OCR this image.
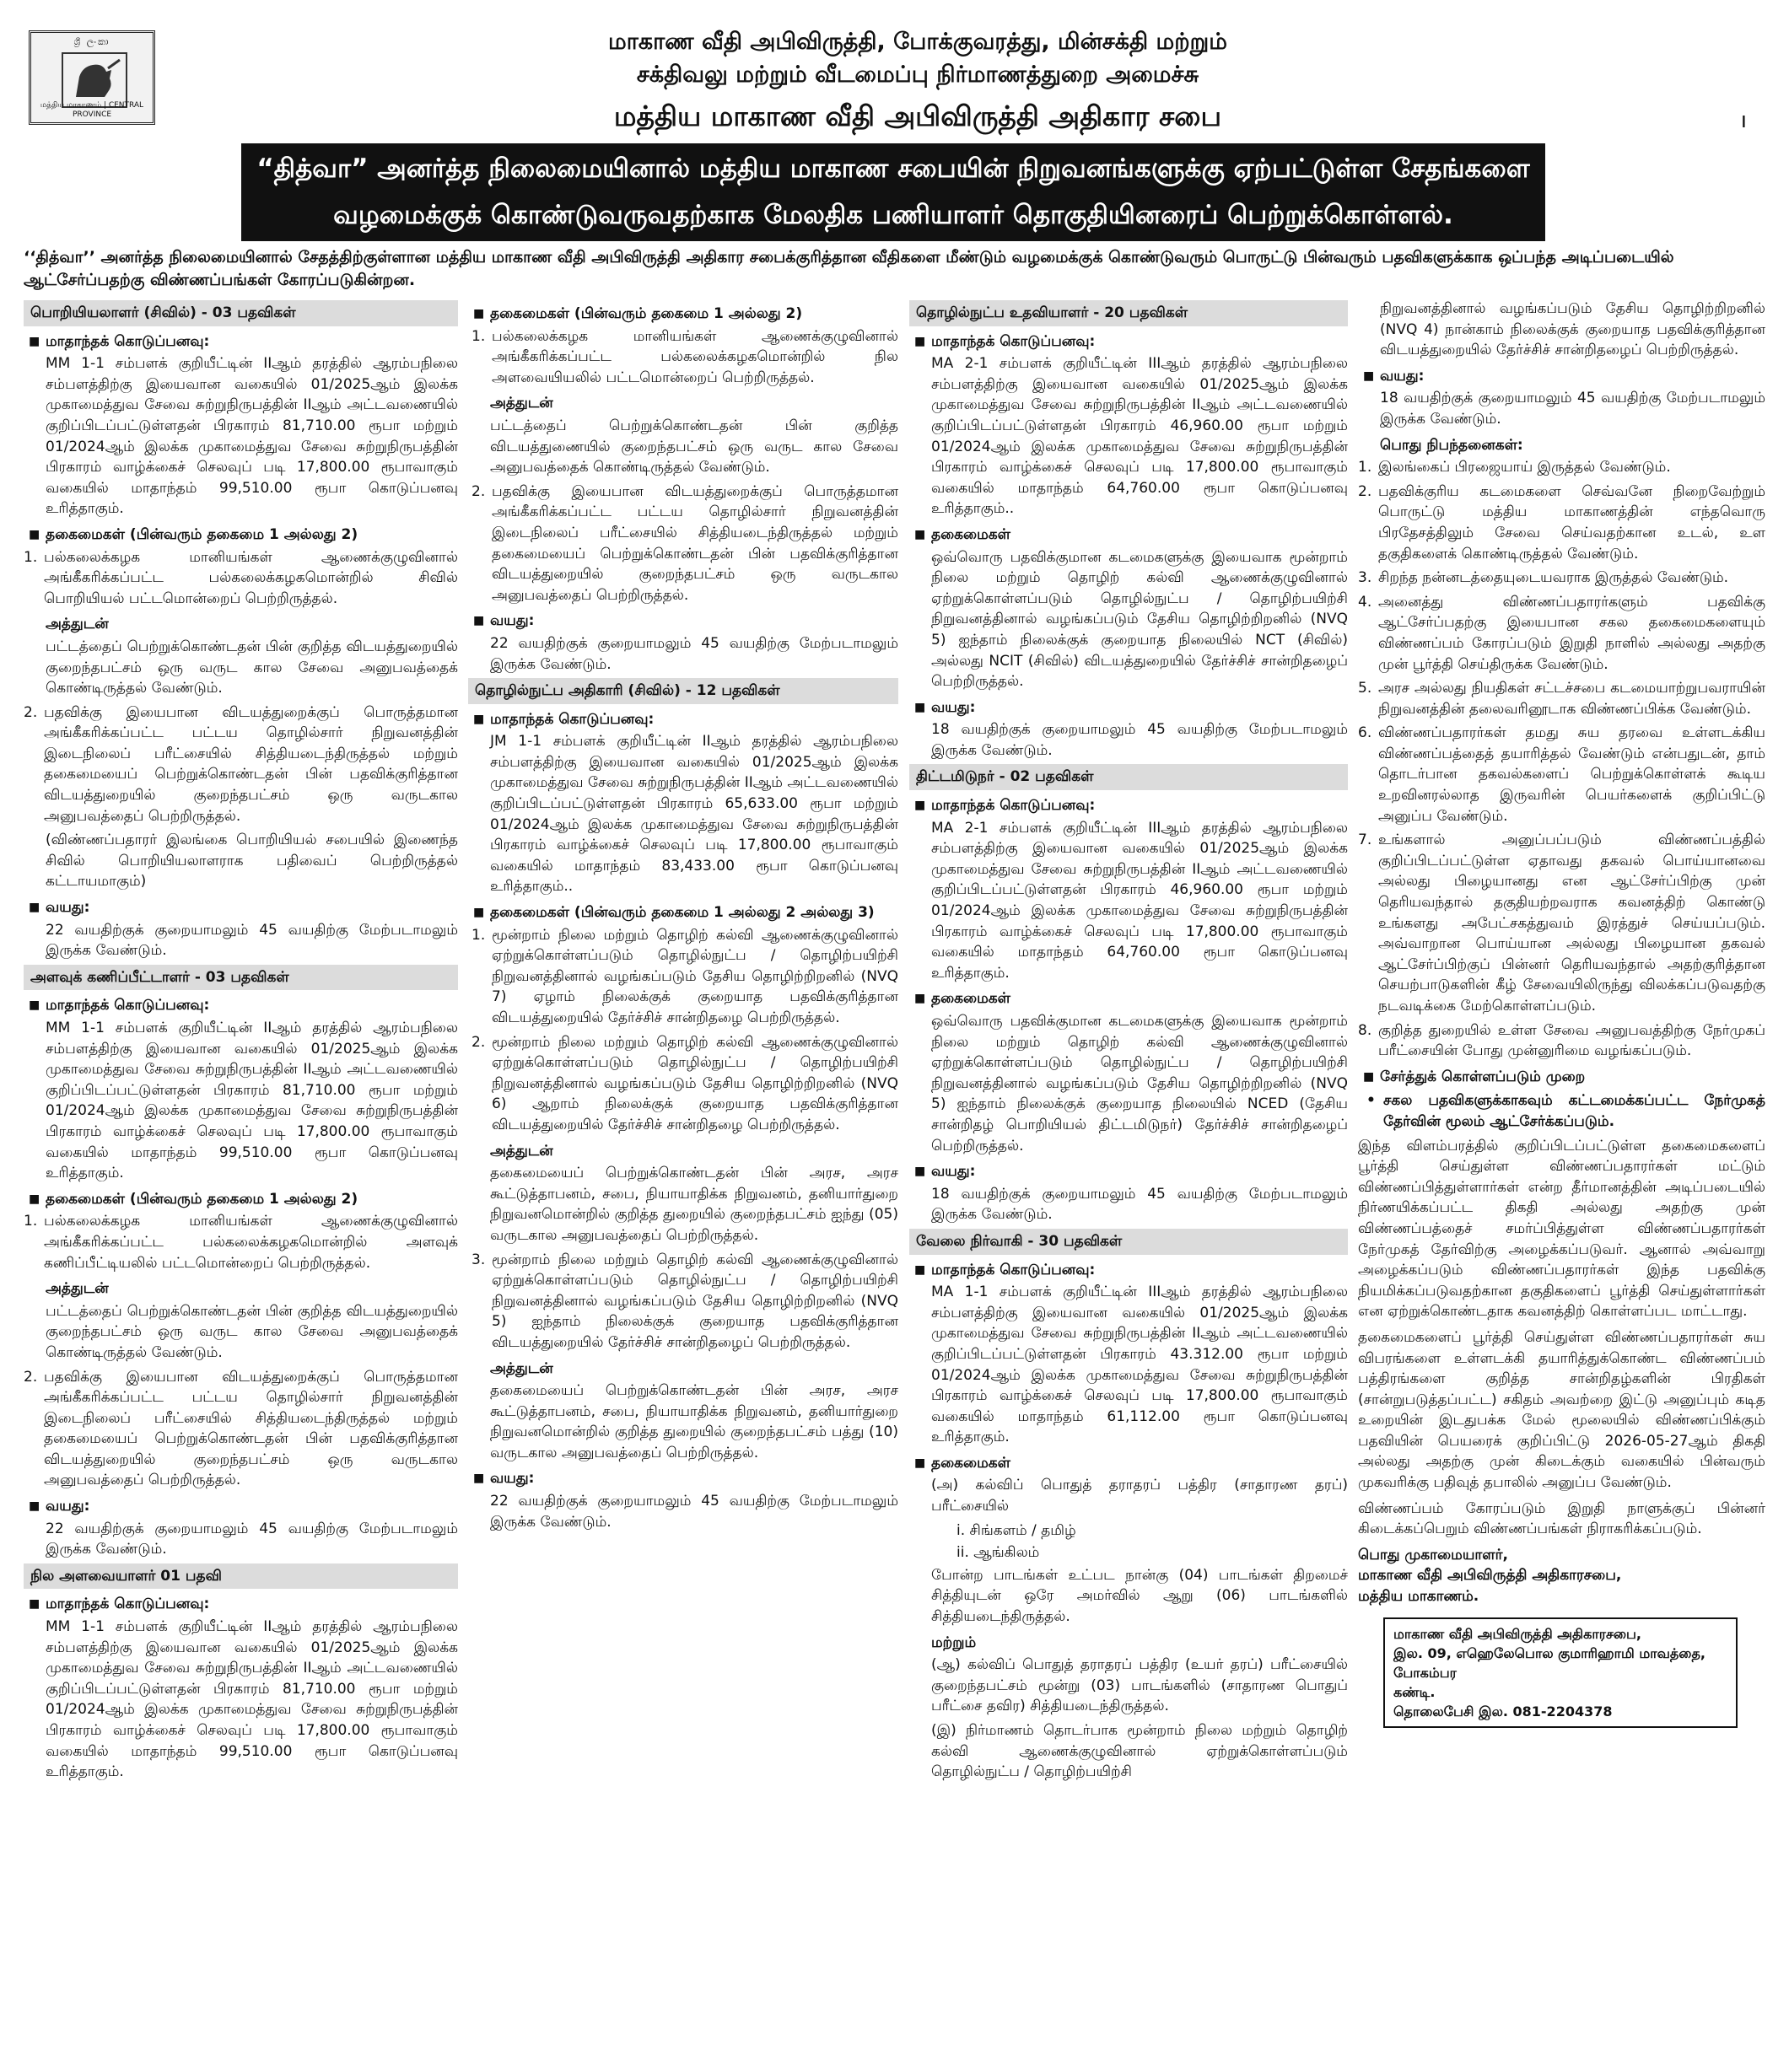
ශ්‍රී ලංකා
மத்திய மாகாணம் | CENTRAL PROVINCE
மாகாண வீதி அபிவிருத்தி, போக்குவரத்து, மின்சக்தி மற்றும்
சக்திவலு மற்றும் வீடமைப்பு நிர்மாணத்துறை அமைச்சு
மத்திய மாகாண வீதி அபிவிருத்தி அதிகார சபை	ı
“தித்வா” அனர்த்த நிலைமையினால் மத்திய மாகாண சபையின் நிறுவனங்களுக்கு ஏற்பட்டுள்ள சேதங்களை
வழமைக்குக் கொண்டுவருவதற்காக மேலதிக பணியாளர் தொகுதியினரைப் பெற்றுக்கொள்ளல்.
‘‘தித்வா’’ அனர்த்த நிலைமையினால் சேதத்திற்குள்ளான மத்திய மாகாண வீதி அபிவிருத்தி அதிகார சபைக்குரித்தான வீதிகளை மீண்டும் வழமைக்குக் கொண்டுவரும் பொருட்டு பின்வரும் பதவிகளுக்காக ஒப்பந்த அடிப்படையில் ஆட்சேர்ப்பதற்கு விண்ணப்பங்கள் கோரப்படுகின்றன.
பொறியியலாளர் (சிவில்) - 03 பதவிகள்
■ மாதாந்தக் கொடுப்பனவு:
MM 1-1 சம்பளக் குறியீட்டின் IIஆம் தரத்தில் ஆரம்பநிலை சம்பளத்திற்கு இயைவான வகையில் 01/2025ஆம் இலக்க முகாமைத்துவ சேவை சுற்றுநிருபத்தின் IIஆம் அட்டவணையில் குறிப்பிடப்பட்டுள்ளதன் பிரகாரம் 81,710.00 ரூபா மற்றும் 01/2024ஆம் இலக்க முகாமைத்துவ சேவை சுற்றுநிருபத்தின் பிரகாரம் வாழ்க்கைச் செலவுப் படி 17,800.00 ரூபாவாகும் வகையில் மாதாந்தம் 99,510.00 ரூபா கொடுப்பனவு உரித்தாகும்.
■ தகைமைகள் (பின்வரும் தகைமை 1 அல்லது 2)
1. பல்கலைக்கழக மானியங்கள் ஆணைக்குழுவினால் அங்கீகரிக்கப்பட்ட பல்கலைக்கழகமொன்றில் சிவில் பொறியியல் பட்டமொன்றைப் பெற்றிருத்தல்.
அத்துடன்
பட்டத்தைப் பெற்றுக்கொண்டதன் பின் குறித்த விடயத்துறையில் குறைந்தபட்சம் ஒரு வருட கால சேவை அனுபவத்தைக் கொண்டிருத்தல் வேண்டும்.
2. பதவிக்கு இயைபான விடயத்துறைக்குப் பொருத்தமான அங்கீகரிக்கப்பட்ட பட்டய தொழில்சார் நிறுவனத்தின் இடைநிலைப் பரீட்சையில் சித்தியடைந்திருத்தல் மற்றும் தகைமையைப் பெற்றுக்கொண்டதன் பின் பதவிக்குரித்தான விடயத்துறையில் குறைந்தபட்சம் ஒரு வருடகால அனுபவத்தைப் பெற்றிருத்தல்.
(விண்ணப்பதாரர் இலங்கை பொறியியல் சபையில் இணைந்த சிவில் பொறியியலாளராக பதிவைப் பெற்றிருத்தல் கட்டாயமாகும்)
■ வயது:
22 வயதிற்குக் குறையாமலும் 45 வயதிற்கு மேற்படாமலும் இருக்க வேண்டும்.
அளவுக் கணிப்பீட்டாளர் - 03 பதவிகள்
■ மாதாந்தக் கொடுப்பனவு:
MM 1-1 சம்பளக் குறியீட்டின் IIஆம் தரத்தில் ஆரம்பநிலை சம்பளத்திற்கு இயைவான வகையில் 01/2025ஆம் இலக்க முகாமைத்துவ சேவை சுற்றுநிருபத்தின் IIஆம் அட்டவணையில் குறிப்பிடப்பட்டுள்ளதன் பிரகாரம் 81,710.00 ரூபா மற்றும் 01/2024ஆம் இலக்க முகாமைத்துவ சேவை சுற்றுநிருபத்தின் பிரகாரம் வாழ்க்கைச் செலவுப் படி 17,800.00 ரூபாவாகும் வகையில் மாதாந்தம் 99,510.00 ரூபா கொடுப்பனவு உரித்தாகும்.
■ தகைமைகள் (பின்வரும் தகைமை 1 அல்லது 2)
1. பல்கலைக்கழக மானியங்கள் ஆணைக்குழுவினால் அங்கீகரிக்கப்பட்ட பல்கலைக்கழகமொன்றில் அளவுக் கணிப்பீட்டியலில் பட்டமொன்றைப் பெற்றிருத்தல்.
அத்துடன்
பட்டத்தைப் பெற்றுக்கொண்டதன் பின் குறித்த விடயத்துறையில் குறைந்தபட்சம் ஒரு வருட கால சேவை அனுபவத்தைக் கொண்டிருத்தல் வேண்டும்.
2. பதவிக்கு இயைபான விடயத்துறைக்குப் பொருத்தமான அங்கீகரிக்கப்பட்ட பட்டய தொழில்சார் நிறுவனத்தின் இடைநிலைப் பரீட்சையில் சித்தியடைந்திருத்தல் மற்றும் தகைமையைப் பெற்றுக்கொண்டதன் பின் பதவிக்குரித்தான விடயத்துறையில் குறைந்தபட்சம் ஒரு வருடகால அனுபவத்தைப் பெற்றிருத்தல்.
■ வயது:
22 வயதிற்குக் குறையாமலும் 45 வயதிற்கு மேற்படாமலும் இருக்க வேண்டும்.
நில அளவையாளர் 01 பதவி
■ மாதாந்தக் கொடுப்பனவு:
MM 1-1 சம்பளக் குறியீட்டின் IIஆம் தரத்தில் ஆரம்பநிலை சம்பளத்திற்கு இயைவான வகையில் 01/2025ஆம் இலக்க முகாமைத்துவ சேவை சுற்றுநிருபத்தின் IIஆம் அட்டவணையில் குறிப்பிடப்பட்டுள்ளதன் பிரகாரம் 81,710.00 ரூபா மற்றும் 01/2024ஆம் இலக்க முகாமைத்துவ சேவை சுற்றுநிருபத்தின் பிரகாரம் வாழ்க்கைச் செலவுப் படி 17,800.00 ரூபாவாகும் வகையில் மாதாந்தம் 99,510.00 ரூபா கொடுப்பனவு உரித்தாகும்.
■ தகைமைகள் (பின்வரும் தகைமை 1 அல்லது 2)
1. பல்கலைக்கழக மானியங்கள் ஆணைக்குழுவினால் அங்கீகரிக்கப்பட்ட பல்கலைக்கழகமொன்றில் நில அளவையியலில் பட்டமொன்றைப் பெற்றிருத்தல்.
அத்துடன்
பட்டத்தைப் பெற்றுக்கொண்டதன் பின் குறித்த விடயத்துணையில் குறைந்தபட்சம் ஒரு வருட கால சேவை அனுபவத்தைக் கொண்டிருத்தல் வேண்டும்.
2. பதவிக்கு இயைபான விடயத்துறைக்குப் பொருத்தமான அங்கீகரிக்கப்பட்ட பட்டய தொழில்சார் நிறுவனத்தின் இடைநிலைப் பரீட்சையில் சித்தியடைந்திருத்தல் மற்றும் தகைமையைப் பெற்றுக்கொண்டதன் பின் பதவிக்குரித்தான விடயத்துறையில் குறைந்தபட்சம் ஒரு வருடகால அனுபவத்தைப் பெற்றிருத்தல்.
■ வயது:
22 வயதிற்குக் குறையாமலும் 45 வயதிற்கு மேற்படாமலும் இருக்க வேண்டும்.
தொழில்நுட்ப அதிகாரி (சிவில்) - 12 பதவிகள்
■ மாதாந்தக் கொடுப்பனவு:
JM 1-1 சம்பளக் குறியீட்டின் IIஆம் தரத்தில் ஆரம்பநிலை சம்பளத்திற்கு இயைவான வகையில் 01/2025ஆம் இலக்க முகாமைத்துவ சேவை சுற்றுநிருபத்தின் IIஆம் அட்டவணையில் குறிப்பிடப்பட்டுள்ளதன் பிரகாரம் 65,633.00 ரூபா மற்றும் 01/2024ஆம் இலக்க முகாமைத்துவ சேவை சுற்றுநிருபத்தின் பிரகாரம் வாழ்க்கைச் செலவுப் படி 17,800.00 ரூபாவாகும் வகையில் மாதாந்தம் 83,433.00 ரூபா கொடுப்பனவு உரித்தாகும்..
■ தகைமைகள் (பின்வரும் தகைமை 1 அல்லது 2 அல்லது 3)
1. மூன்றாம் நிலை மற்றும் தொழிற் கல்வி ஆணைக்குழுவினால் ஏற்றுக்கொள்ளப்படும் தொழில்நுட்ப / தொழிற்பயிற்சி நிறுவனத்தினால் வழங்கப்படும் தேசிய தொழிற்றிறனில் (NVQ 7) ஏழாம் நிலைக்குக் குறையாத பதவிக்குரித்தான விடயத்துறையில் தேர்ச்சிச் சான்றிதழை பெற்றிருத்தல்.
2. மூன்றாம் நிலை மற்றும் தொழிற் கல்வி ஆணைக்குழுவினால் ஏற்றுக்கொள்ளப்படும் தொழில்நுட்ப / தொழிற்பயிற்சி நிறுவனத்தினால் வழங்கப்படும் தேசிய தொழிற்றிறனில் (NVQ 6) ஆறாம் நிலைக்குக் குறையாத பதவிக்குரித்தான விடயத்துறையில் தேர்ச்சிச் சான்றிதழை பெற்றிருத்தல்.
அத்துடன்
தகைமையைப் பெற்றுக்கொண்டதன் பின் அரச, அரச கூட்டுத்தாபனம், சபை, நியாயாதிக்க நிறுவனம், தனியார்துறை நிறுவனமொன்றில் குறித்த துறையில் குறைந்தபட்சம் ஐந்து (05) வருடகால அனுபவத்தைப் பெற்றிருத்தல்.
3. மூன்றாம் நிலை மற்றும் தொழிற் கல்வி ஆணைக்குழுவினால் ஏற்றுக்கொள்ளப்படும் தொழில்நுட்ப / தொழிற்பயிற்சி நிறுவனத்தினால் வழங்கப்படும் தேசிய தொழிற்றிறனில் (NVQ 5) ஐந்தாம் நிலைக்குக் குறையாத பதவிக்குரித்தான விடயத்துறையில் தேர்ச்சிச் சான்றிதழைப் பெற்றிருத்தல்.
அத்துடன்
தகைமையைப் பெற்றுக்கொண்டதன் பின் அரச, அரச கூட்டுத்தாபனம், சபை, நியாயாதிக்க நிறுவனம், தனியார்துறை நிறுவனமொன்றில் குறித்த துறையில் குறைந்தபட்சம் பத்து (10) வருடகால அனுபவத்தைப் பெற்றிருத்தல்.
■ வயது:
22 வயதிற்குக் குறையாமலும் 45 வயதிற்கு மேற்படாமலும் இருக்க வேண்டும்.
தொழில்நுட்ப உதவியாளர் - 20 பதவிகள்
■ மாதாந்தக் கொடுப்பனவு:
MA 2-1 சம்பளக் குறியீட்டின் IIIஆம் தரத்தில் ஆரம்பநிலை சம்பளத்திற்கு இயைவான வகையில் 01/2025ஆம் இலக்க முகாமைத்துவ சேவை சுற்றுநிருபத்தின் IIஆம் அட்டவணையில் குறிப்பிடப்பட்டுள்ளதன் பிரகாரம் 46,960.00 ரூபா மற்றும் 01/2024ஆம் இலக்க முகாமைத்துவ சேவை சுற்றுநிருபத்தின் பிரகாரம் வாழ்க்கைச் செலவுப் படி 17,800.00 ரூபாவாகும் வகையில் மாதாந்தம் 64,760.00 ரூபா கொடுப்பனவு உரித்தாகும்..
■ தகைமைகள்
ஒவ்வொரு பதவிக்குமான கடமைகளுக்கு இயைவாக மூன்றாம் நிலை மற்றும் தொழிற் கல்வி ஆணைக்குழுவினால் ஏற்றுக்கொள்ளப்படும் தொழில்நுட்ப / தொழிற்பயிற்சி நிறுவனத்தினால் வழங்கப்படும் தேசிய தொழிற்றிறனில் (NVQ 5) ஐந்தாம் நிலைக்குக் குறையாத நிலையில் NCT (சிவில்) அல்லது NCIT (சிவில்) விடயத்துறையில் தேர்ச்சிச் சான்றிதழைப் பெற்றிருத்தல்.
■ வயது:
18 வயதிற்குக் குறையாமலும் 45 வயதிற்கு மேற்படாமலும் இருக்க வேண்டும்.
திட்டமிடுநர் - 02 பதவிகள்
■ மாதாந்தக் கொடுப்பனவு:
MA 2-1 சம்பளக் குறியீட்டின் IIIஆம் தரத்தில் ஆரம்பநிலை சம்பளத்திற்கு இயைவான வகையில் 01/2025ஆம் இலக்க முகாமைத்துவ சேவை சுற்றுநிருபத்தின் IIஆம் அட்டவணையில் குறிப்பிடப்பட்டுள்ளதன் பிரகாரம் 46,960.00 ரூபா மற்றும் 01/2024ஆம் இலக்க முகாமைத்துவ சேவை சுற்றுநிருபத்தின் பிரகாரம் வாழ்க்கைச் செலவுப் படி 17,800.00 ரூபாவாகும் வகையில் மாதாந்தம் 64,760.00 ரூபா கொடுப்பனவு உரித்தாகும்.
■ தகைமைகள்
ஒவ்வொரு பதவிக்குமான கடமைகளுக்கு இயைவாக மூன்றாம் நிலை மற்றும் தொழிற் கல்வி ஆணைக்குழுவினால் ஏற்றுக்கொள்ளப்படும் தொழில்நுட்ப / தொழிற்பயிற்சி நிறுவனத்தினால் வழங்கப்படும் தேசிய தொழிற்றிறனில் (NVQ 5) ஐந்தாம் நிலைக்குக் குறையாத நிலையில் NCED (தேசிய சான்றிதழ் பொறியியல் திட்டமிடுநர்) தேர்ச்சிச் சான்றிதழைப் பெற்றிருத்தல்.
■ வயது:
18 வயதிற்குக் குறையாமலும் 45 வயதிற்கு மேற்படாமலும் இருக்க வேண்டும்.
வேலை நிர்வாகி - 30 பதவிகள்
■ மாதாந்தக் கொடுப்பனவு:
MA 1-1 சம்பளக் குறியீட்டின் IIIஆம் தரத்தில் ஆரம்பநிலை சம்பளத்திற்கு இயைவான வகையில் 01/2025ஆம் இலக்க முகாமைத்துவ சேவை சுற்றுநிருபத்தின் IIஆம் அட்டவணையில் குறிப்பிடப்பட்டுள்ளதன் பிரகாரம் 43.312.00 ரூபா மற்றும் 01/2024ஆம் இலக்க முகாமைத்துவ சேவை சுற்றுநிருபத்தின் பிரகாரம் வாழ்க்கைச் செலவுப் படி 17,800.00 ரூபாவாகும் வகையில் மாதாந்தம் 61,112.00 ரூபா கொடுப்பனவு உரித்தாகும்.
■ தகைமைகள்
(அ) கல்விப் பொதுத் தராதரப் பத்திர (சாதாரண தரப்) பரீட்சையில்
i. சிங்களம் / தமிழ்
ii. ஆங்கிலம்
போன்ற பாடங்கள் உட்பட நான்கு (04) பாடங்கள் திறமைச் சித்தியுடன் ஒரே அமர்வில் ஆறு (06) பாடங்களில் சித்தியடைந்திருத்தல்.
மற்றும்
(ஆ) கல்விப் பொதுத் தராதரப் பத்திர (உயர் தரப்) பரீட்சையில் குறைந்தபட்சம் மூன்று (03) பாடங்களில் (சாதாரண பொதுப் பரீட்சை தவிர) சித்தியடைந்திருத்தல்.
(இ) நிர்மாணம் தொடர்பாக மூன்றாம் நிலை மற்றும் தொழிற் கல்வி ஆணைக்குழுவினால் ஏற்றுக்கொள்ளப்படும் தொழில்நுட்ப / தொழிற்பயிற்சி
நிறுவனத்தினால் வழங்கப்படும் தேசிய தொழிற்றிறனில் (NVQ 4) நான்காம் நிலைக்குக் குறையாத பதவிக்குரித்தான விடயத்துறையில் தேர்ச்சிச் சான்றிதழைப் பெற்றிருத்தல்.
■ வயது:
18 வயதிற்குக் குறையாமலும் 45 வயதிற்கு மேற்படாமலும் இருக்க வேண்டும்.
பொது நிபந்தனைகள்:
1. இலங்கைப் பிரஜையாய் இருத்தல் வேண்டும்.
2. பதவிக்குரிய கடமைகளை செவ்வனே நிறைவேற்றும் பொருட்டு மத்திய மாகாணத்தின் எந்தவொரு பிரதேசத்திலும் சேவை செய்வதற்கான உடல், உள தகுதிகளைக் கொண்டிருத்தல் வேண்டும்.
3. சிறந்த நன்னடத்தையுடையவராக இருத்தல் வேண்டும்.
4. அனைத்து விண்ணப்பதாரர்களும் பதவிக்கு ஆட்சேர்ப்பதற்கு இயைபான சகல தகைமைகளையும் விண்ணப்பம் கோரப்படும் இறுதி நாளில் அல்லது அதற்கு முன் பூர்த்தி செய்திருக்க வேண்டும்.
5. அரச அல்லது நியதிகள் சட்டச்சபை கடமையாற்றுபவராயின் நிறுவனத்தின் தலைவரினூடாக விண்ணப்பிக்க வேண்டும்.
6. விண்ணப்பதாரர்கள் தமது சுய தரவை உள்ளடக்கிய விண்ணப்பத்தைத் தயாரித்தல் வேண்டும் என்பதுடன், தாம் தொடர்பான தகவல்களைப் பெற்றுக்கொள்ளக் கூடிய உறவினரல்லாத இருவரின் பெயர்களைக் குறிப்பிட்டு அனுப்ப வேண்டும்.
7. உங்களால் அனுப்பப்படும் விண்ணப்பத்தில் குறிப்பிடப்பட்டுள்ள ஏதாவது தகவல் பொய்யானவை அல்லது பிழையானது என ஆட்சேர்ப்பிற்கு முன் தெரியவந்தால் தகுதியற்றவராக கவனத்திற் கொண்டு உங்களது அபேட்சகத்துவம் இரத்துச் செய்யப்படும். அவ்வாறான பொய்யான அல்லது பிழையான தகவல் ஆட்சேர்ப்பிற்குப் பின்னர் தெரியவந்தால் அதற்குரித்தான செயற்பாடுகளின் கீழ் சேவையிலிருந்து விலக்கப்படுவதற்கு நடவடிக்கை மேற்கொள்ளப்படும்.
8. குறித்த துறையில் உள்ள சேவை அனுபவத்திற்கு நேர்முகப் பரீட்சையின் போது முன்னுரிமை வழங்கப்படும்.
■ சேர்த்துக் கொள்ளப்படும் முறை
• சகல பதவிகளுக்காகவும் கட்டமைக்கப்பட்ட நேர்முகத் தேர்வின் மூலம் ஆட்சேர்க்கப்படும்.
இந்த விளம்பரத்தில் குறிப்பிடப்பட்டுள்ள தகைமைகளைப் பூர்த்தி செய்துள்ள விண்ணப்பதாரர்கள் மட்டும் விண்ணப்பித்துள்ளார்கள் என்ற தீர்மானத்தின் அடிப்படையில் நிர்ணயிக்கப்பட்ட திகதி அல்லது அதற்கு முன் விண்ணப்பத்தைச் சமர்ப்பித்துள்ள விண்ணப்பதாரர்கள் நேர்முகத் தேர்விற்கு அழைக்கப்படுவர். ஆனால் அவ்வாறு அழைக்கப்படும் விண்ணப்பதாரர்கள் இந்த பதவிக்கு நியமிக்கப்படுவதற்கான தகுதிகளைப் பூர்த்தி செய்துள்ளார்கள் என ஏற்றுக்கொண்டதாக கவனத்திற் கொள்ளப்பட மாட்டாது.
தகைமைகளைப் பூர்த்தி செய்துள்ள விண்ணப்பதாரர்கள் சுய விபரங்களை உள்ளடக்கி தயாரித்துக்கொண்ட விண்ணப்பம் பத்திரங்களை குறித்த சான்றிதழ்களின் பிரதிகள் (சான்றுபடுத்தப்பட்ட) சகிதம் அவற்றை இட்டு அனுப்பும் கடித உறையின் இடதுபக்க மேல் மூலையில் விண்ணப்பிக்கும் பதவியின் பெயரைக் குறிப்பிட்டு 2026-05-27ஆம் திகதி அல்லது அதற்கு முன் கிடைக்கும் வகையில் பின்வரும் முகவரிக்கு பதிவுத் தபாலில் அனுப்ப வேண்டும்.
விண்ணப்பம் கோரப்படும் இறுதி நாளுக்குப் பின்னர் கிடைக்கப்பெறும் விண்ணப்பங்கள் நிராகரிக்கப்படும்.
பொது முகாமையாளர்,
மாகாண வீதி அபிவிருத்தி அதிகாரசபை,
மத்திய மாகாணம்.
மாகாண வீதி அபிவிருத்தி அதிகாரசபை,
இல. 09, எஹெலேபொல குமாரிஹாமி மாவத்தை,
போகம்பர
கண்டி.
தொலைபேசி இல. 081-2204378
